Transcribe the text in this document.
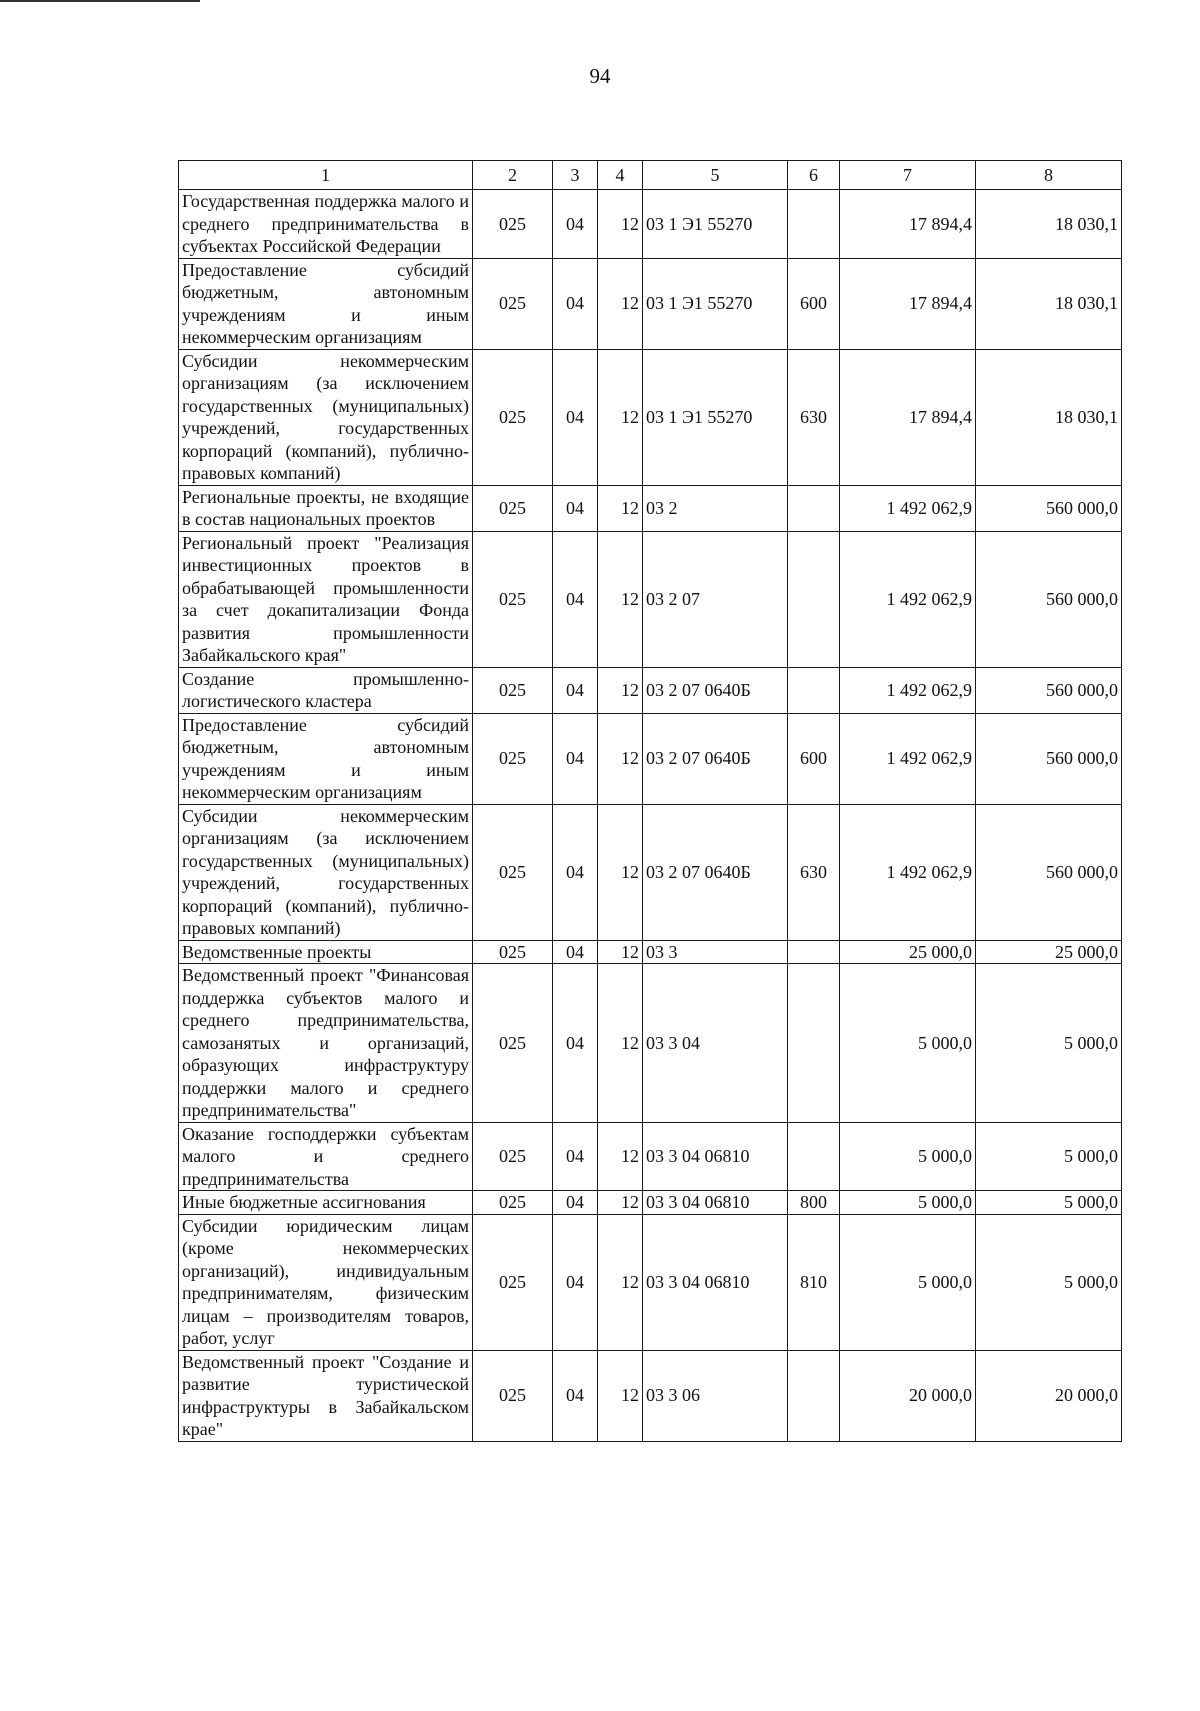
94
1	2	3	4	5	6	7	8
Государственная поддержка малого и среднего предпринимательства в субъектах Российской Федерации	025	04	12	03 1 Э1 55270		17 894,4	18 030,1
Предоставление субсидий бюджетным, автономным учреждениям и иным некоммерческим организациям	025	04	12	03 1 Э1 55270	600	17 894,4	18 030,1
Субсидии некоммерческим организациям (за исключением государственных (муниципальных) учреждений, государственных корпораций (компаний), публично-правовых компаний)	025	04	12	03 1 Э1 55270	630	17 894,4	18 030,1
Региональные проекты, не входящие в состав национальных проектов	025	04	12	03 2		1 492 062,9	560 000,0
Региональный проект "Реализация инвестиционных проектов в обрабатывающей промышленности за счет докапитализации Фонда развития промышленности Забайкальского края"	025	04	12	03 2 07		1 492 062,9	560 000,0
Создание промышленно-логистического кластера	025	04	12	03 2 07 0640Б		1 492 062,9	560 000,0
Предоставление субсидий бюджетным, автономным учреждениям и иным некоммерческим организациям	025	04	12	03 2 07 0640Б	600	1 492 062,9	560 000,0
Субсидии некоммерческим организациям (за исключением государственных (муниципальных) учреждений, государственных корпораций (компаний), публично-правовых компаний)	025	04	12	03 2 07 0640Б	630	1 492 062,9	560 000,0
Ведомственные проекты	025	04	12	03 3		25 000,0	25 000,0
Ведомственный проект "Финансовая поддержка субъектов малого и среднего предпринимательства, самозанятых и организаций, образующих инфраструктуру поддержки малого и среднего предпринимательства"	025	04	12	03 3 04		5 000,0	5 000,0
Оказание господдержки субъектам малого и среднего предпринимательства	025	04	12	03 3 04 06810		5 000,0	5 000,0
Иные бюджетные ассигнования	025	04	12	03 3 04 06810	800	5 000,0	5 000,0
Субсидии юридическим лицам (кроме некоммерческих организаций), индивидуальным предпринимателям, физическим лицам – производителям товаров, работ, услуг	025	04	12	03 3 04 06810	810	5 000,0	5 000,0
Ведомственный проект "Создание и развитие туристической инфраструктуры в Забайкальском крае"	025	04	12	03 3 06		20 000,0	20 000,0
